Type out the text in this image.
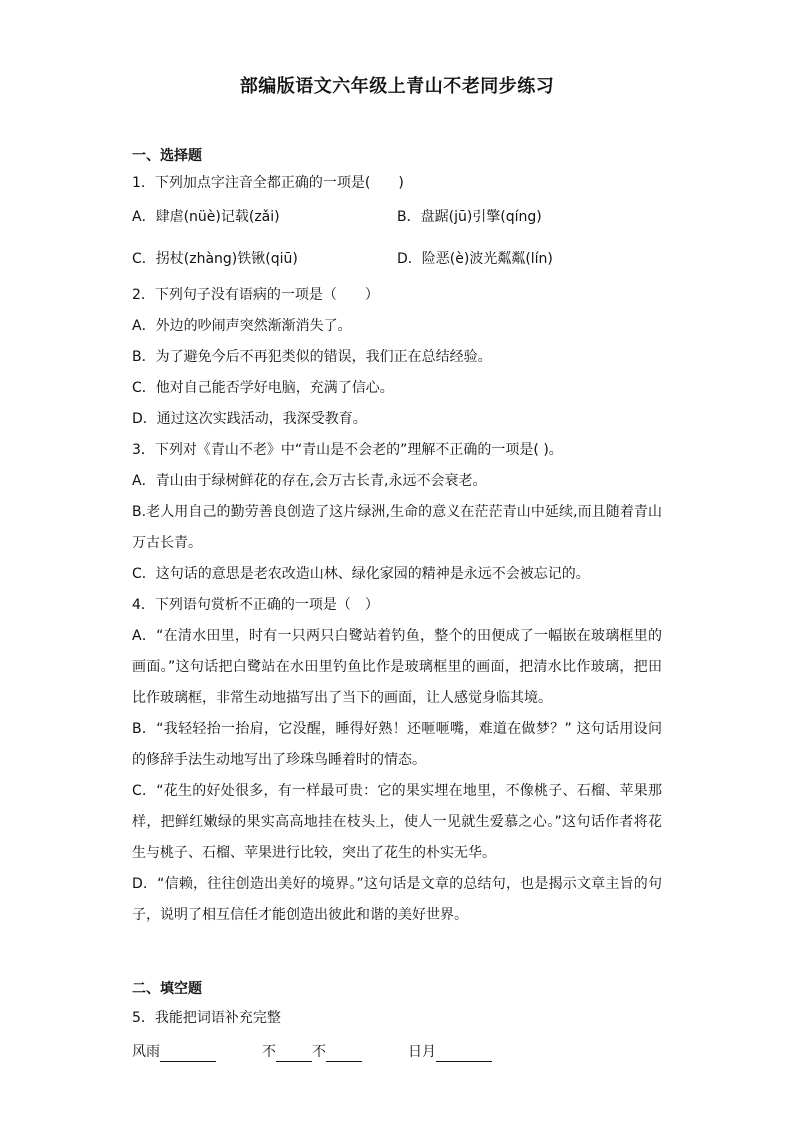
部编版语文六年级上青山不老同步练习
一、选择题
1．下列加点字注音全都正确的一项是(　　)
A．肆虐(nüè)记载(zǎi)	B．盘踞(jū)引擎(qíng)
C．拐杖(zhàng)铁锹(qiū)	D．险恶(è)波光粼粼(lín)
2．下列句子没有语病的一项是（　　）
A．外边的吵闹声突然渐渐消失了。
B．为了避免今后不再犯类似的错误，我们正在总结经验。
C．他对自己能否学好电脑，充满了信心。
D．通过这次实践活动，我深受教育。
3．下列对《青山不老》中“青山是不会老的”理解不正确的一项是( )。
A．青山由于绿树鲜花的存在,会万古长青,永远不会衰老。
B.老人用自己的勤劳善良创造了这片绿洲,生命的意义在茫茫青山中延续,而且随着青山万古长青。
C．这句话的意思是老农改造山林、绿化家园的精神是永远不会被忘记的。
4．下列语句赏析不正确的一项是（　）
A．“在清水田里，时有一只两只白鹭站着钓鱼，整个的田便成了一幅嵌在玻璃框里的画面。”这句话把白鹭站在水田里钓鱼比作是玻璃框里的画面，把清水比作玻璃，把田比作玻璃框，非常生动地描写出了当下的画面，让人感觉身临其境。
B．“我轻轻抬一抬肩，它没醒，睡得好熟！还咂咂嘴，难道在做梦？” 这句话用设问的修辞手法生动地写出了珍珠鸟睡着时的情态。
C．“花生的好处很多，有一样最可贵：它的果实埋在地里，不像桃子、石榴、苹果那样，把鲜红嫩绿的果实高高地挂在枝头上，使人一见就生爱慕之心。”这句话作者将花生与桃子、石榴、苹果进行比较，突出了花生的朴实无华。
D．“信赖，往往创造出美好的境界。”这句话是文章的总结句，也是揭示文章主旨的句子，说明了相互信任才能创造出彼此和谐的美好世界。
二、填空题
5．我能把词语补充完整
风雨	不	不	日月
